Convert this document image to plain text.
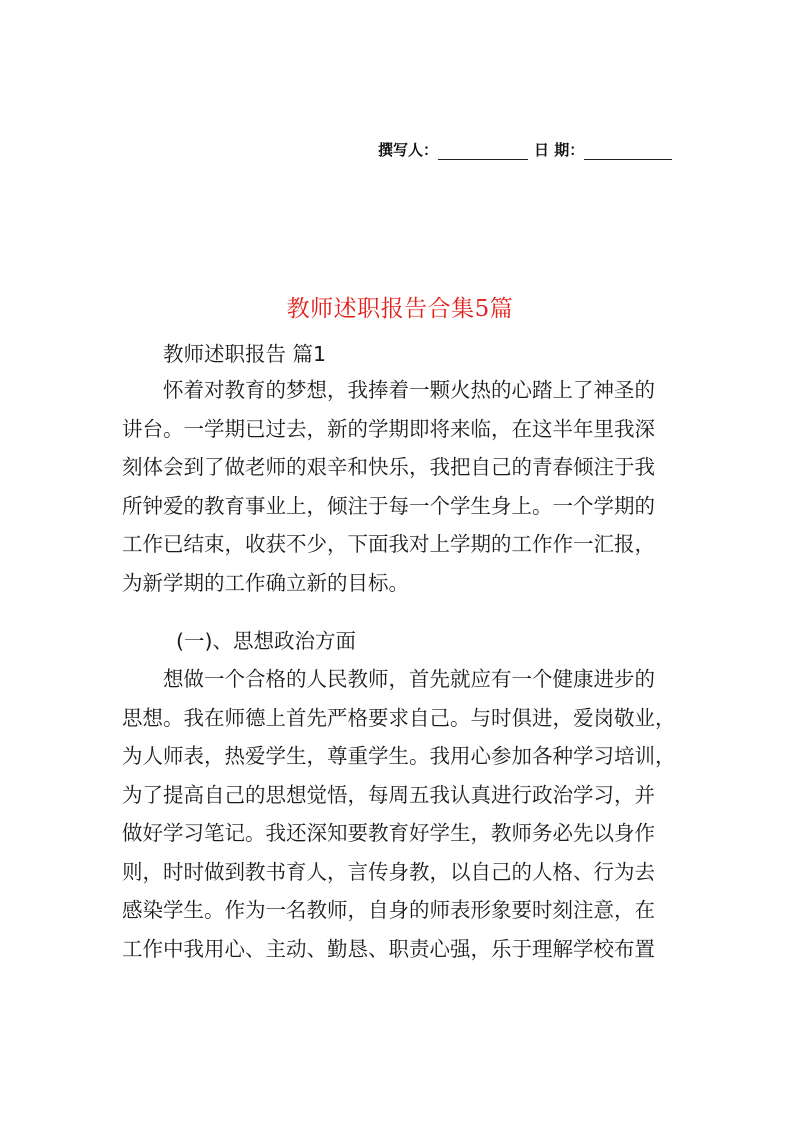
撰写人：	日 期：
教师述职报告合集5篇
教师述职报告 篇1
怀着对教育的梦想，我捧着一颗火热的心踏上了神圣的
讲台。一学期已过去，新的学期即将来临，在这半年里我深
刻体会到了做老师的艰辛和快乐，我把自己的青春倾注于我
所钟爱的教育事业上，倾注于每一个学生身上。一个学期的
工作已结束，收获不少，下面我对上学期的工作作一汇报，
为新学期的工作确立新的目标。
(一)、思想政治方面
想做一个合格的人民教师，首先就应有一个健康进步的
思想。我在师德上首先严格要求自己。与时俱进，爱岗敬业，
为人师表，热爱学生，尊重学生。我用心参加各种学习培训，
为了提高自己的思想觉悟，每周五我认真进行政治学习，并
做好学习笔记。我还深知要教育好学生，教师务必先以身作
则，时时做到教书育人，言传身教，以自己的人格、行为去
感染学生。作为一名教师，自身的师表形象要时刻注意，在
工作中我用心、主动、勤恳、职责心强，乐于理解学校布置
